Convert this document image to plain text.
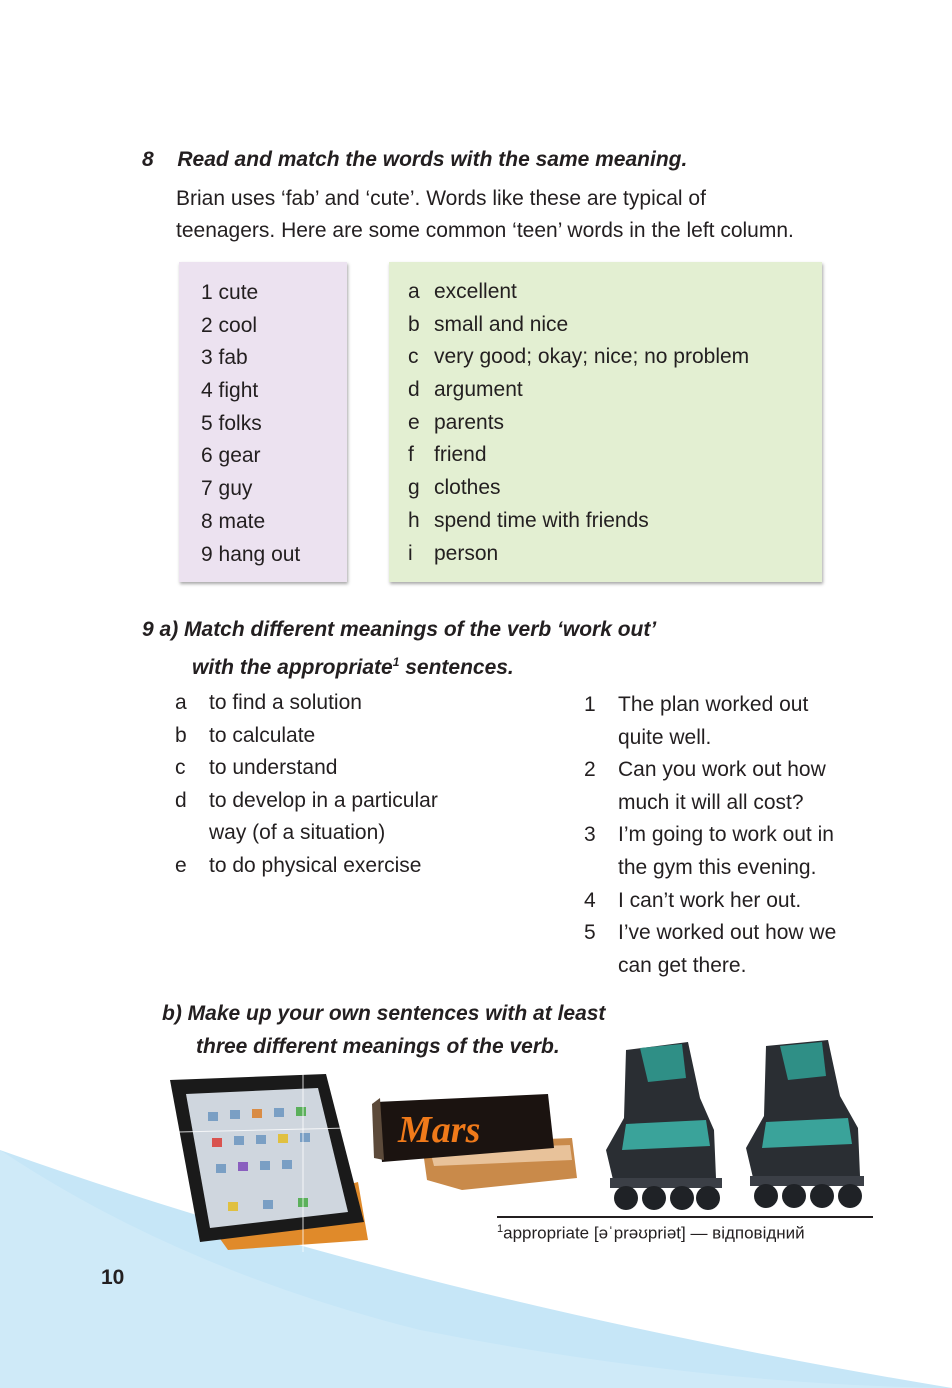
8 Read and match the words with the same meaning.
Brian uses ‘fab’ and ‘cute’. Words like these are typical of
teenagers. Here are some common ‘teen’ words in the left column.
1 cute
2 cool
3 fab
4 fight
5 folks
6 gear
7 guy
8 mate
9 hang out
a excellent
b small and nice
c very good; okay; nice; no problem
d argument
e parents
f friend
g clothes
h spend time with friends
i person
9 a) Match different meanings of the verb ‘work out’
with the appropriate$^1$ sentences.
a to find a solution
b to calculate
c to understand
d to develop in a particular
way (of a situation)
e to do physical exercise
1 The plan worked out
quite well.
2 Can you work out how
much it will all cost?
3 I’m going to work out in
the gym this evening.
4 I can’t work her out.
5 I’ve worked out how we
can get there.
b) Make up your own sentences with at least
three different meanings of the verb.
Mars
$^1$appropriate [əˈprəʊpriət] — відповідний
10
